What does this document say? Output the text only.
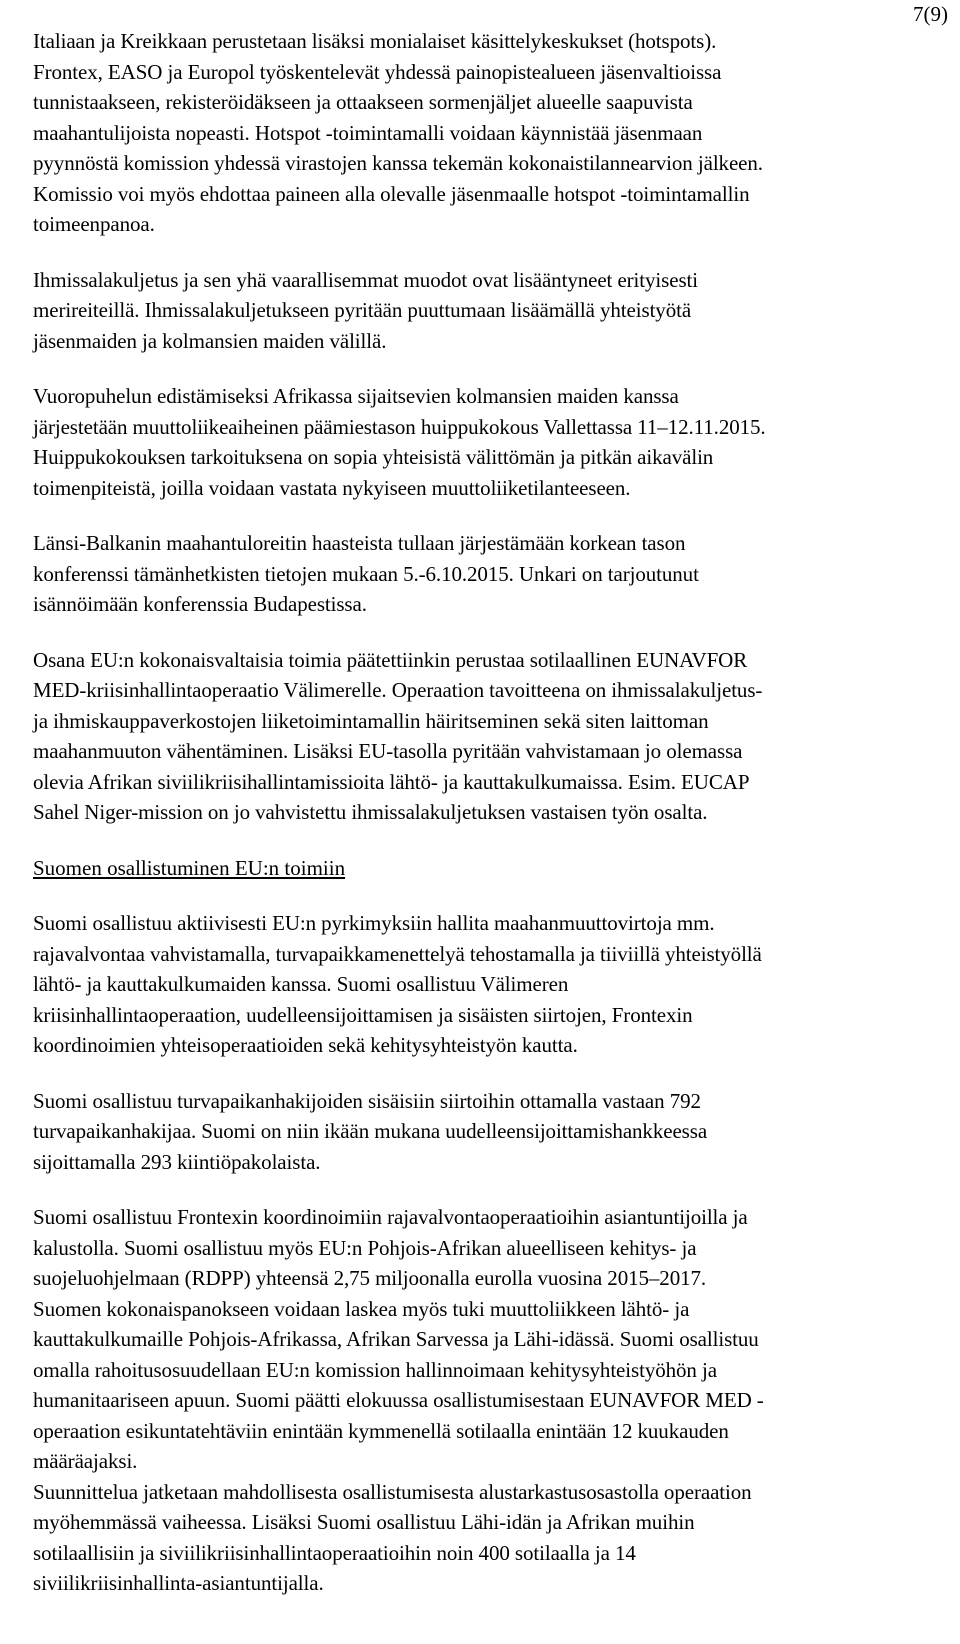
7(9)

Italiaan ja Kreikkaan perustetaan lisäksi monialaiset käsittelykeskukset (hotspots).
Frontex, EASO ja Europol työskentelevät yhdessä painopistealueen jäsenvaltioissa
tunnistaakseen, rekisteröidäkseen ja ottaakseen sormenjäljet alueelle saapuvista
maahantulijoista nopeasti. Hotspot -toimintamalli voidaan käynnistää jäsenmaan
pyynnöstä komission yhdessä virastojen kanssa tekemän kokonaistilannearvion jälkeen.
Komissio voi myös ehdottaa paineen alla olevalle jäsenmaalle hotspot -toimintamallin
toimeenpanoa.

Ihmissalakuljetus ja sen yhä vaarallisemmat muodot ovat lisääntyneet erityisesti
merireiteillä. Ihmissalakuljetukseen pyritään puuttumaan lisäämällä yhteistyötä
jäsenmaiden ja kolmansien maiden välillä.

Vuoropuhelun edistämiseksi Afrikassa sijaitsevien kolmansien maiden kanssa
järjestetään muuttoliikeaiheinen päämiestason huippukokous Vallettassa 11–12.11.2015.
Huippukokouksen tarkoituksena on sopia yhteisistä välittömän ja pitkän aikavälin
toimenpiteistä, joilla voidaan vastata nykyiseen muuttoliiketilanteeseen.

Länsi-Balkanin maahantuloreitin haasteista tullaan järjestämään korkean tason
konferenssi tämänhetkisten tietojen mukaan 5.-6.10.2015. Unkari on tarjoutunut
isännöimään konferenssia Budapestissa.

Osana EU:n kokonaisvaltaisia toimia päätettiinkin perustaa sotilaallinen EUNAVFOR
MED-kriisinhallintaoperaatio Välimerelle. Operaation tavoitteena on ihmissalakuljetus-
ja ihmiskauppaverkostojen liiketoimintamallin häiritseminen sekä siten laittoman
maahanmuuton vähentäminen. Lisäksi EU-tasolla pyritään vahvistamaan jo olemassa
olevia Afrikan siviilikriisihallintamissioita lähtö- ja kauttakulkumaissa. Esim. EUCAP
Sahel Niger-mission on jo vahvistettu ihmissalakuljetuksen vastaisen työn osalta.

Suomen osallistuminen EU:n toimiin

Suomi osallistuu aktiivisesti EU:n pyrkimyksiin hallita maahanmuuttovirtoja mm.
rajavalvontaa vahvistamalla, turvapaikkamenettelyä tehostamalla ja tiiviillä yhteistyöllä
lähtö- ja kauttakulkumaiden kanssa. Suomi osallistuu Välimeren
kriisinhallintaoperaation, uudelleensijoittamisen ja sisäisten siirtojen, Frontexin
koordinoimien yhteisoperaatioiden sekä kehitysyhteistyön kautta.

Suomi osallistuu turvapaikanhakijoiden sisäisiin siirtoihin ottamalla vastaan 792
turvapaikanhakijaa. Suomi on niin ikään mukana uudelleensijoittamishankkeessa
sijoittamalla 293 kiintiöpakolaista.

Suomi osallistuu Frontexin koordinoimiin rajavalvontaoperaatioihin asiantuntijoilla ja
kalustolla. Suomi osallistuu myös EU:n Pohjois-Afrikan alueelliseen kehitys- ja
suojeluohjelmaan (RDPP) yhteensä 2,75 miljoonalla eurolla vuosina 2015–2017.
Suomen kokonaispanokseen voidaan laskea myös tuki muuttoliikkeen lähtö- ja
kauttakulkumaille Pohjois-Afrikassa, Afrikan Sarvessa ja Lähi-idässä. Suomi osallistuu
omalla rahoitusosuudellaan EU:n komission hallinnoimaan kehitysyhteistyöhön ja
humanitaariseen apuun. Suomi päätti elokuussa osallistumisestaan EUNAVFOR MED -
operaation esikuntatehtäviin enintään kymmenellä sotilaalla enintään 12 kuukauden
määräajaksi.

Suunnittelua jatketaan mahdollisesta osallistumisesta alustarkastusosastolla operaation
myöhemmässä vaiheessa. Lisäksi Suomi osallistuu Lähi-idän ja Afrikan muihin
sotilaallisiin ja siviilikriisinhallintaoperaatioihin noin 400 sotilaalla ja 14
siviilikriisinhallinta-asiantuntijalla.
